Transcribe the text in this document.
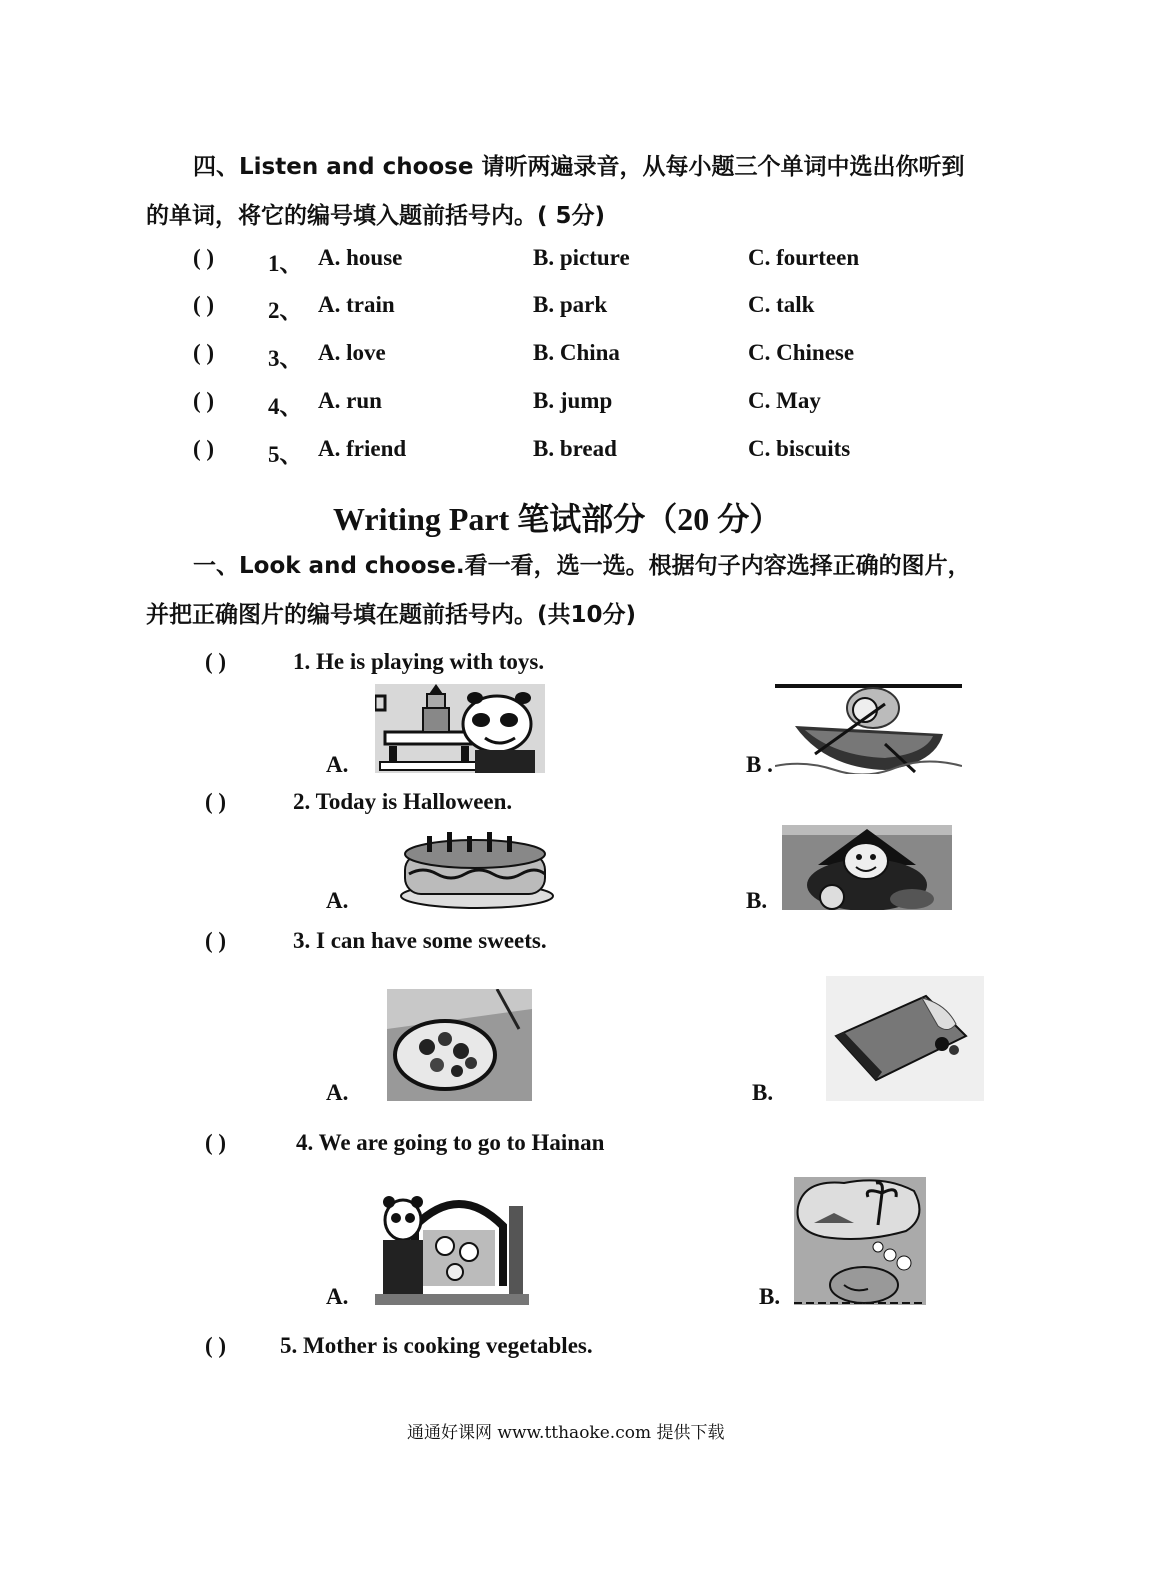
四、Listen and choose 请听两遍录音，从每小题三个单词中选出你听到
的单词，将它的编号填入题前括号内。( 5分)
( ) 1、 A. house	B. picture	C. fourteen
( ) 2、 A. train	B. park	C. talk
( ) 3、 A. love	B. China	C. Chinese
( ) 4、 A. run	B. jump	C. May
( ) 5、 A. friend	B. bread	C. biscuits
Writing Part 笔试部分（20 分）
一、Look and choose.看一看，选一选。根据句子内容选择正确的图片，
并把正确图片的编号填在题前括号内。(共10分)
( )	1. He is playing with toys.
A.	B .
( )	2. Today is Halloween.
A.	B.
( )	3. I can have some sweets.
A.	B.
( )	4. We are going to go to Hainan
A.	B.
( ) 5. Mother is cooking vegetables.
通通好课网 www.tthaoke.com 提供下载
